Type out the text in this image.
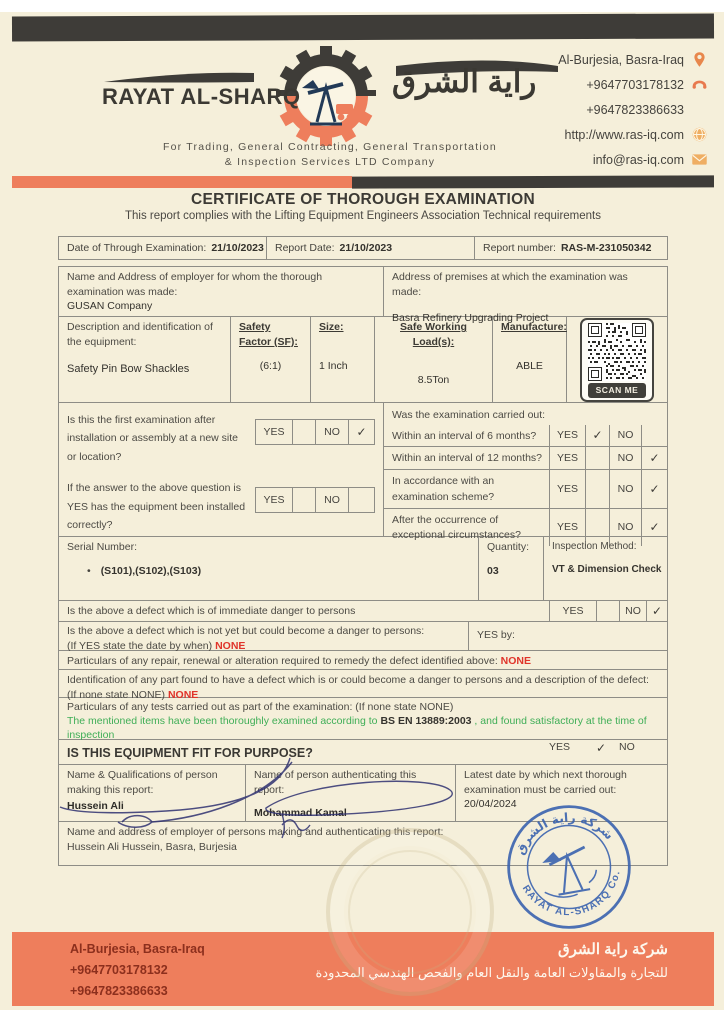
RAYAT AL-SHARQ	راية الشرق
For Trading, General Contracting, General Transportation
& Inspection Services LTD Company
Al-Burjesia, Basra-Iraq
+9647703178132
+9647823386633
http://www.ras-iq.com
info@ras-iq.com
CERTIFICATE OF THOROUGH EXAMINATION
This report complies with the Lifting Equipment Engineers Association Technical requirements
Date of Through Examination: 21/10/2023 Report Date: 21/10/2023	Report number: RAS-M-231050342
Name and Address of employer for whom the thorough examination was made:
GUSAN Company
Address of premises at which the examination was made:
Basra Refinery Upgrading Project
Description and identification of the equipment:
Safety Pin Bow Shackles
Safety Factor (SF):
(6:1)
Size:
1 Inch
Safe Working Load(s):
8.5Ton
Manufacture:
ABLE
SCAN ME
Is this the first examination after installation or assembly at a new site or location?
YES	NO	✓
If the answer to the above question is YES has the equipment been installed correctly?
YES	NO
Was the examination carried out:
Within an interval of 6 months?	YES	✓	NO
Within an interval of 12 months?	YES	NO	✓
In accordance with an examination scheme?
YES	NO	✓
After the occurrence of exceptional circumstances?
YES	NO	✓
Serial Number:
• (S101),(S102),(S103)
Quantity:
03
Inspection Method:
VT & Dimension Check
Is the above a defect which is of immediate danger to persons	YES	NO ✓
Is the above a defect which is not yet but could become a danger to persons:
(If YES state the date by when) NONE
YES by:
Particulars of any repair, renewal or alteration required to remedy the defect identified above: NONE
Identification of any part found to have a defect which is or could become a danger to persons and a description of the defect:
(If none state NONE) NONE
Particulars of any tests carried out as part of the examination: (If none state NONE)
The mentioned items have been thoroughly examined according to BS EN 13889:2003 , and found satisfactory at the time of inspection
IS THIS EQUIPMENT FIT FOR PURPOSE?	YES	✓	NO
Name & Qualifications of person making this report:
Hussein Ali
Name of person authenticating this report:
Mohammad Kamal
Latest date by which next thorough examination must be carried out:
20/04/2024
Name and address of employer of persons making and authenticating this report:
Hussein Ali Hussein, Basra, Burjesia	شركة راية الشرق
RAYAT AL-SHARQ Co.
Al-Burjesia, Basra-Iraq
+9647703178132
+9647823386633
شركة راية الشرق
للتجارة والمقاولات العامة والنقل العام والفحص الهندسي المحدودة
